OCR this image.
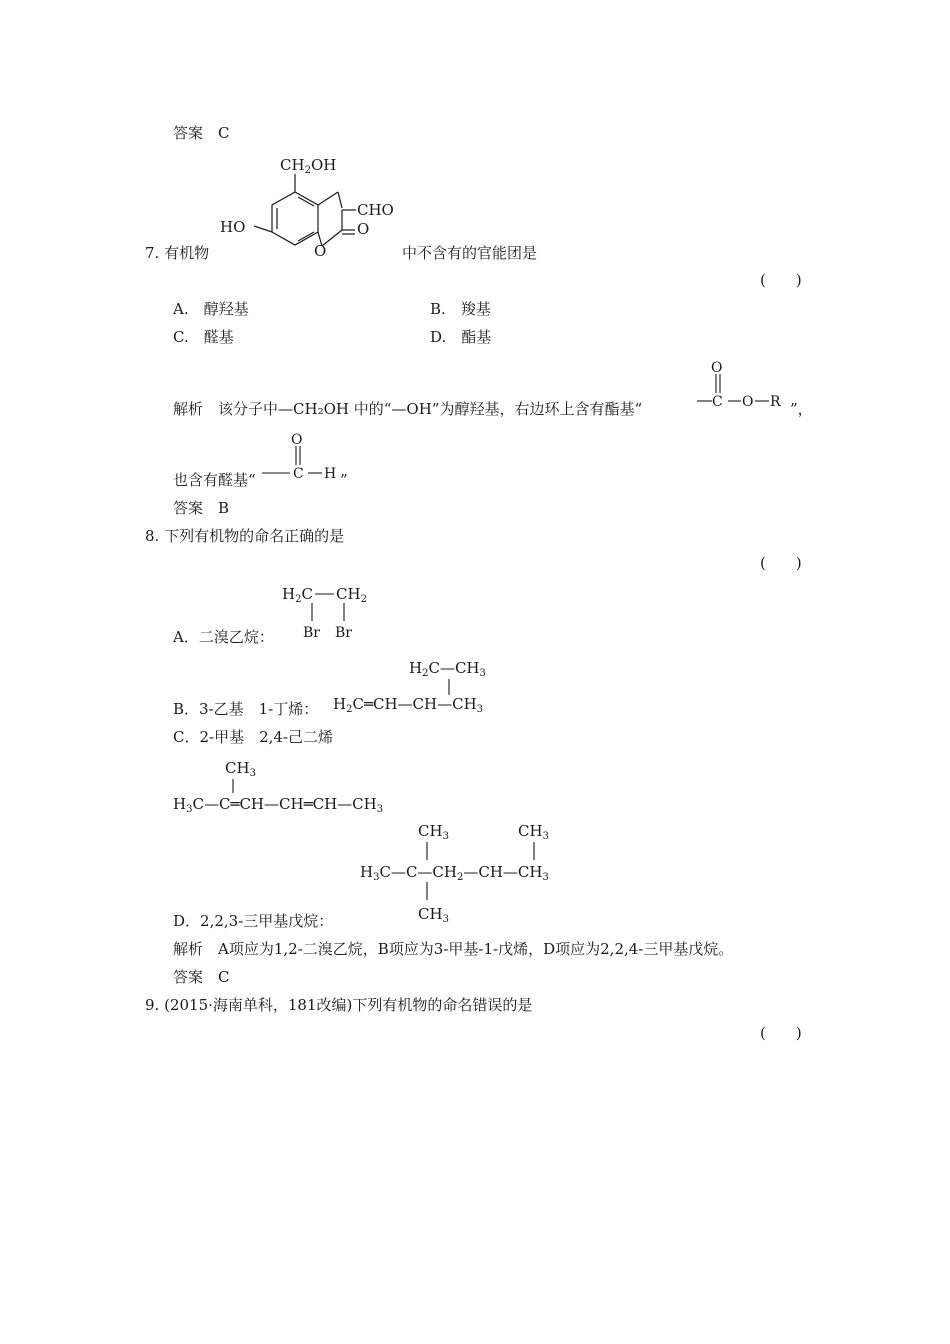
答案　 C
$CH_2OH$
CHO
HO	O
O
7. 有机物	中不含有的官能团是
(　　)
A.　 醇羟基	B.　 羧基
C.　 醛基	D.　 酯基
解析　 该分子中—CH₂OH 中的“—OH”为醇羟基，右边环上含有酯基“
O
C O R ”，
也含有醛基“
O
C H ”
答案　 B
8. 下列有机物的命名正确的是
(　　)
$H_2C$ $CH_2$
Br Br
A．二溴乙烷：
$H_2C—CH_3$
$H_2C═CH—CH—CH_3$
B．3-乙基　1-丁烯：
C．2-甲基　2,4-己二烯
$CH_3$
$H_3C—C═CH—CH═CH—CH_3$
$CH_3$	$CH_3$
$H_3C—C—CH_2—CH—CH_3$
$CH_3$
D．2,2,3-三甲基戊烷：
解析　 A项应为1,2-二溴乙烷，B项应为3-甲基-1-戊烯，D项应为2,2,4-三甲基戊烷。
答案　 C
9. (2015·海南单科，181改编)下列有机物的命名错误的是
(　　)
